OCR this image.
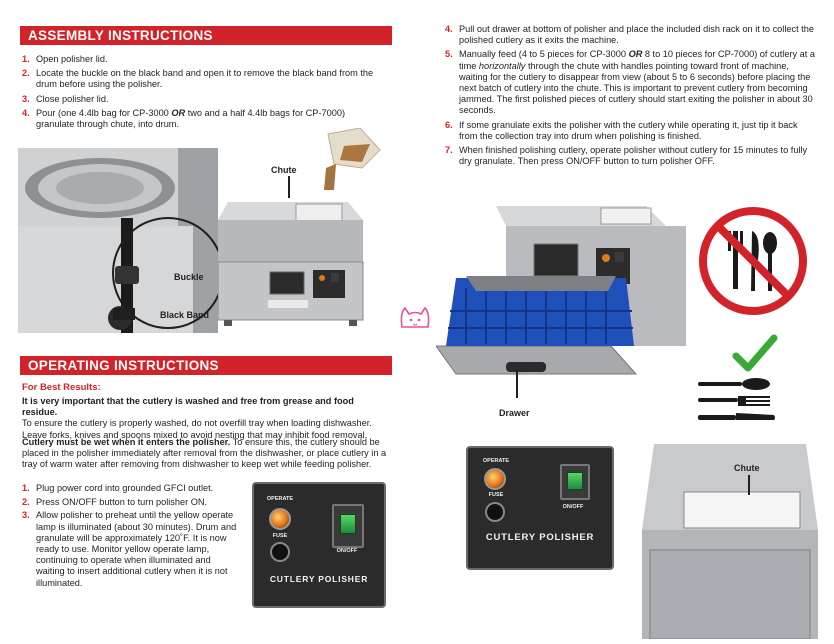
ASSEMBLY INSTRUCTIONS
1. Open polisher lid.
2. Locate the buckle on the black band and open it to remove the black band from the drum before using the polisher.
3. Close polisher lid.
4. Pour (one 4.4lb bag for CP-3000 OR two and a half 4.4lb bags for CP-7000) granulate through chute, into drum.
Buckle
Black Band
Chute
4. Pull out drawer at bottom of polisher and place the included dish rack on it to collect the polished cutlery as it exits the machine.
5. Manually feed (4 to 5 pieces for CP-3000 OR 8 to 10 pieces for CP-7000) of cutlery at a time horizontally through the chute with handles pointing toward front of machine, waiting for the cutlery to disappear from view (about 5 to 6 seconds) before placing the next batch of cutlery into the chute. This is important to prevent cutlery from becoming jammed. The first polished pieces of cutlery should start exiting the polisher in about 30 seconds.
6. If some granulate exits the polisher with the cutlery while operating it, just tip it back from the collection tray into drum when polishing is finished.
7. When finished polishing cutlery, operate polisher without cutlery for 15 minutes to fully dry granulate. Then press ON/OFF button to turn polisher OFF.
Drawer
Chute
OPERATE
FUSE
ON/OFF
CUTLERY POLISHER
OPERATING INSTRUCTIONS
For Best Results:
It is very important that the cutlery is washed and free from grease and food residue.
To ensure the cutlery is properly washed, do not overfill tray when loading dishwasher. Leave forks, knives and spoons mixed to avoid nesting that may inhibit food removal.
Cutlery must be wet when it enters the polisher. To ensure this, the cutlery should be placed in the polisher immediately after removal from the dishwasher, or place cutlery in a tray of warm water after removing from dishwasher to keep wet while feeding polisher.
1. Plug power cord into grounded GFCI outlet.
2. Press ON/OFF button to turn polisher ON.
3. Allow polisher to preheat until the yellow operate lamp is illuminated (about 30 minutes). Drum and granulate will be approximately 120˚F. It is now ready to use. Monitor yellow operate lamp, continuing to operate when illuminated and waiting to insert additional cutlery when it is not illuminated.
OPERATE
FUSE
ON/OFF
CUTLERY POLISHER
